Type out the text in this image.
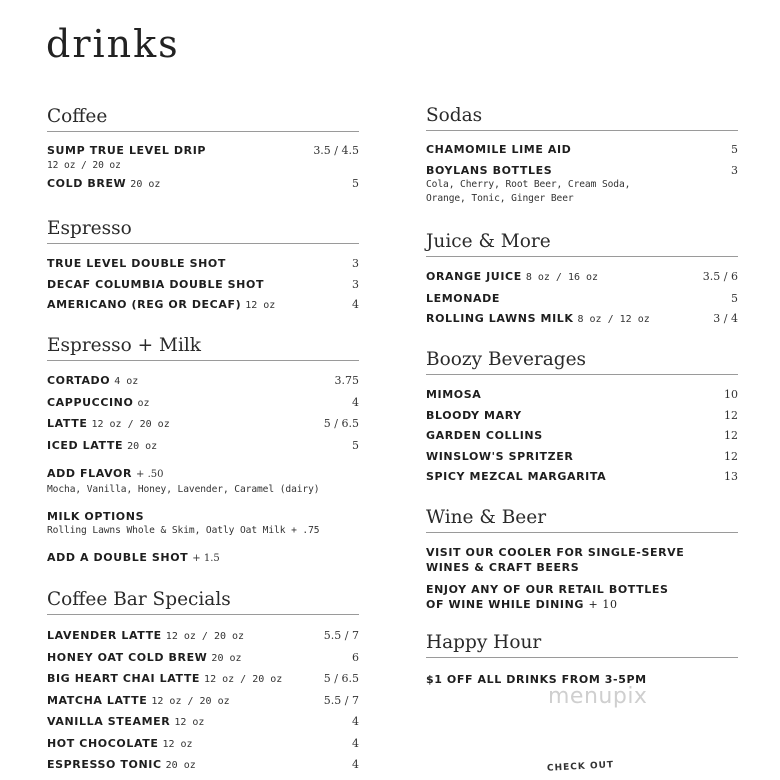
drinks
Coffee
SUMP TRUE LEVEL DRIP	3.5 / 4.5
12 oz / 20 oz
COLD BREW 20 oz	5
Espresso
TRUE LEVEL DOUBLE SHOT	3
DECAF COLUMBIA DOUBLE SHOT	3
AMERICANO (REG OR DECAF) 12 oz	4
Espresso + Milk
CORTADO 4 oz	3.75
CAPPUCCINO oz	4
LATTE 12 oz / 20 oz	5 / 6.5
ICED LATTE 20 oz	5
ADD FLAVOR + .50
Mocha, Vanilla, Honey, Lavender, Caramel (dairy)
MILK OPTIONS
Rolling Lawns Whole & Skim, Oatly Oat Milk + .75
ADD A DOUBLE SHOT + 1.5
Coffee Bar Specials
LAVENDER LATTE 12 oz / 20 oz	5.5 / 7
HONEY OAT COLD BREW 20 oz	6
BIG HEART CHAI LATTE 12 oz / 20 oz	5 / 6.5
MATCHA LATTE 12 oz / 20 oz	5.5 / 7
VANILLA STEAMER 12 oz	4
HOT CHOCOLATE 12 oz	4
ESPRESSO TONIC 20 oz	4
Sodas
CHAMOMILE LIME AID	5
BOYLANS BOTTLES	3
Cola, Cherry, Root Beer, Cream Soda,
Orange, Tonic, Ginger Beer
Juice & More
ORANGE JUICE 8 oz / 16 oz	3.5 / 6
LEMONADE	5
ROLLING LAWNS MILK 8 oz / 12 oz	3 / 4
Boozy Beverages
MIMOSA	10
BLOODY MARY	12
GARDEN COLLINS	12
WINSLOW'S SPRITZER	12
SPICY MEZCAL MARGARITA	13
Wine & Beer
VISIT OUR COOLER FOR SINGLE-SERVE
WINES & CRAFT BEERS
ENJOY ANY OF OUR RETAIL BOTTLES
OF WINE WHILE DINING + 10
Happy Hour
$1 OFF ALL DRINKS FROM 3-5PM
menupix
CHECK OUT
